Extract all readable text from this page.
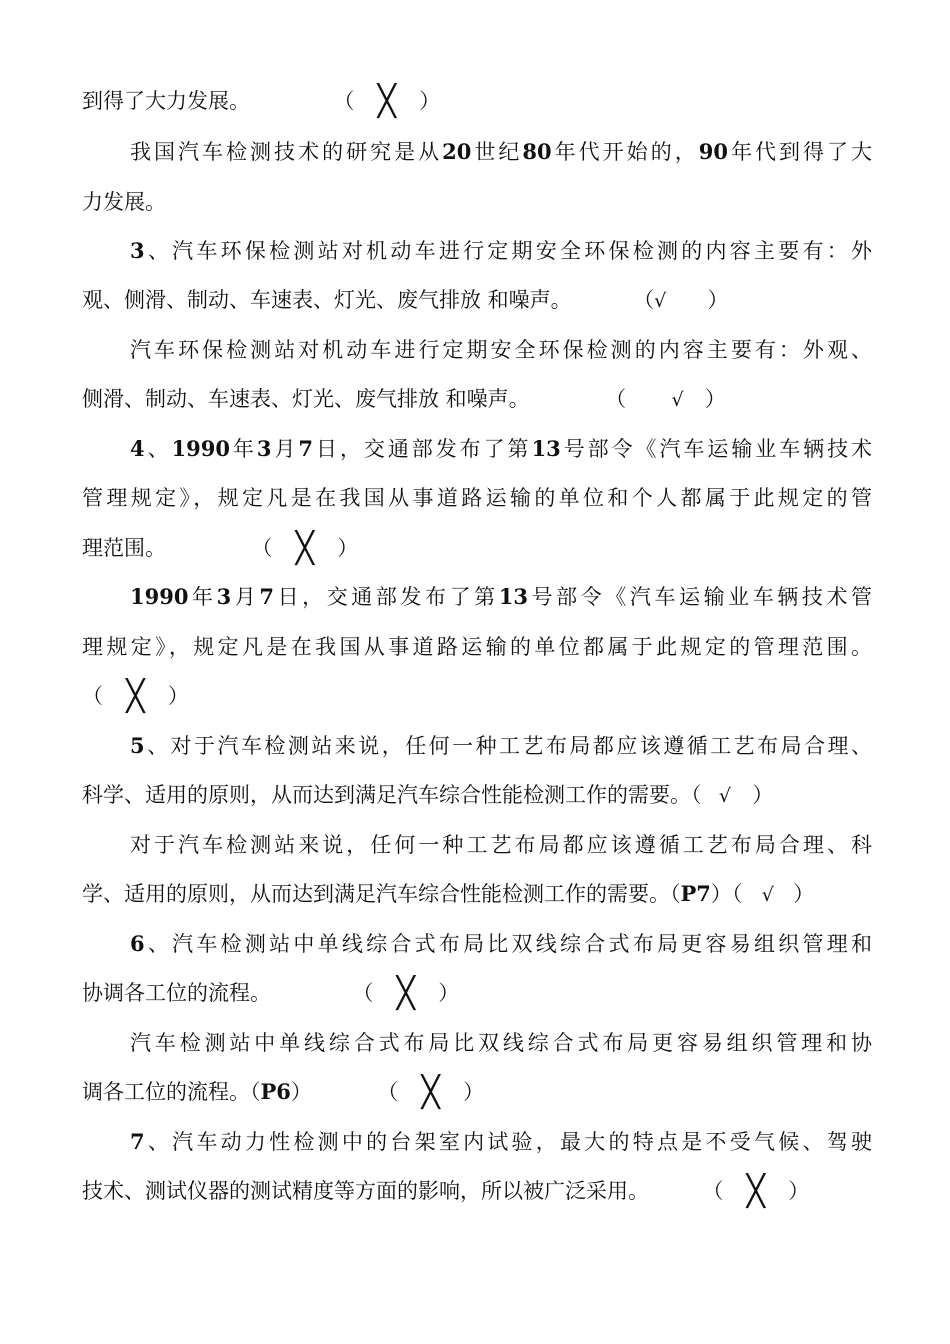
到得了大力发展。	（ ╳ ）
我国汽车检测技术的研究是从20世纪80年代开始的，90年代到得了大
力发展。
3、汽车环保检测站对机动车进行定期安全环保检测的内容主要有：外
观、侧滑、制动、车速表、灯光、废气排放 和噪声。	（√ ）
汽车环保检测站对机动车进行定期安全环保检测的内容主要有：外观、
侧滑、制动、车速表、灯光、废气排放 和噪声。	（ √ ）
4、1990年3月7日，交通部发布了第13号部令《汽车运输业车辆技术
管理规定》，规定凡是在我国从事道路运输的单位和个人都属于此规定的管
理范围。	（ ╳ ）
1990年3月7日，交通部发布了第13号部令《汽车运输业车辆技术管
理规定》，规定凡是在我国从事道路运输的单位都属于此规定的管理范围。
（ ╳ ）
5、对于汽车检测站来说，任何一种工艺布局都应该遵循工艺布局合理、
科学、适用的原则，从而达到满足汽车综合性能检测工作的需要。（ √ ）
对于汽车检测站来说，任何一种工艺布局都应该遵循工艺布局合理、科
学、适用的原则，从而达到满足汽车综合性能检测工作的需要。（P7）（ √ ）
6、汽车检测站中单线综合式布局比双线综合式布局更容易组织管理和
协调各工位的流程。	（ ╳ ）
汽车检测站中单线综合式布局比双线综合式布局更容易组织管理和协
调各工位的流程。（P6）	（ ╳ ）
7、汽车动力性检测中的台架室内试验，最大的特点是不受气候、驾驶
技术、测试仪器的测试精度等方面的影响，所以被广泛采用。	（ ╳ ）
